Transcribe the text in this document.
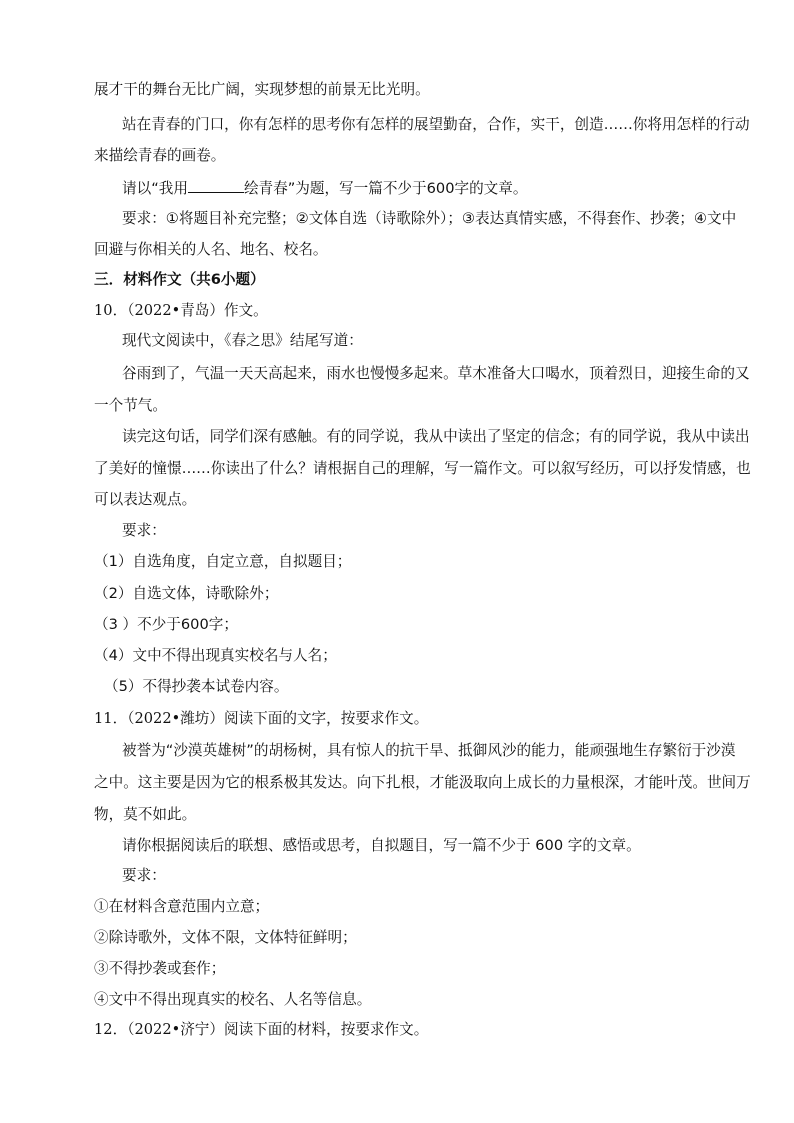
展才干的舞台无比广阔，实现梦想的前景无比光明。
站在青春的门口，你有怎样的思考你有怎样的展望勤奋，合作，实干，创造……你将用怎样的行动
来描绘青春的画卷。
请以“我用	绘青春”为题，写一篇不少于600字的文章。
要求：①将题目补充完整；②文体自选（诗歌除外）；③表达真情实感，不得套作、抄袭；④文中
回避与你相关的人名、地名、校名。
三．材料作文（共6小题）
10．（2022•青岛）作文。
现代文阅读中，《春之思》结尾写道：
谷雨到了，气温一天天高起来，雨水也慢慢多起来。草木准备大口喝水，顶着烈日，迎接生命的又
一个节气。
读完这句话，同学们深有感触。有的同学说，我从中读出了坚定的信念；有的同学说，我从中读出
了美好的憧憬……你读出了什么？请根据自己的理解，写一篇作文。可以叙写经历，可以抒发情感，也
可以表达观点。
要求：
（1）自选角度，自定立意，自拟题目；
（2）自选文体，诗歌除外；
（3 ）不少于600字；
（4）文中不得出现真实校名与人名；
（5）不得抄袭本试卷内容。
11．（2022•潍坊）阅读下面的文字，按要求作文。
被誉为“沙漠英雄树”的胡杨树，具有惊人的抗干旱、抵御风沙的能力，能顽强地生存繁衍于沙漠
之中。这主要是因为它的根系极其发达。向下扎根，才能汲取向上成长的力量根深，才能叶茂。世间万
物，莫不如此。
请你根据阅读后的联想、感悟或思考，自拟题目，写一篇不少于 600 字的文章。
要求：
①在材料含意范围内立意；
②除诗歌外，文体不限，文体特征鲜明；
③不得抄袭或套作；
④文中不得出现真实的校名、人名等信息。
12．（2022•济宁）阅读下面的材料，按要求作文。
